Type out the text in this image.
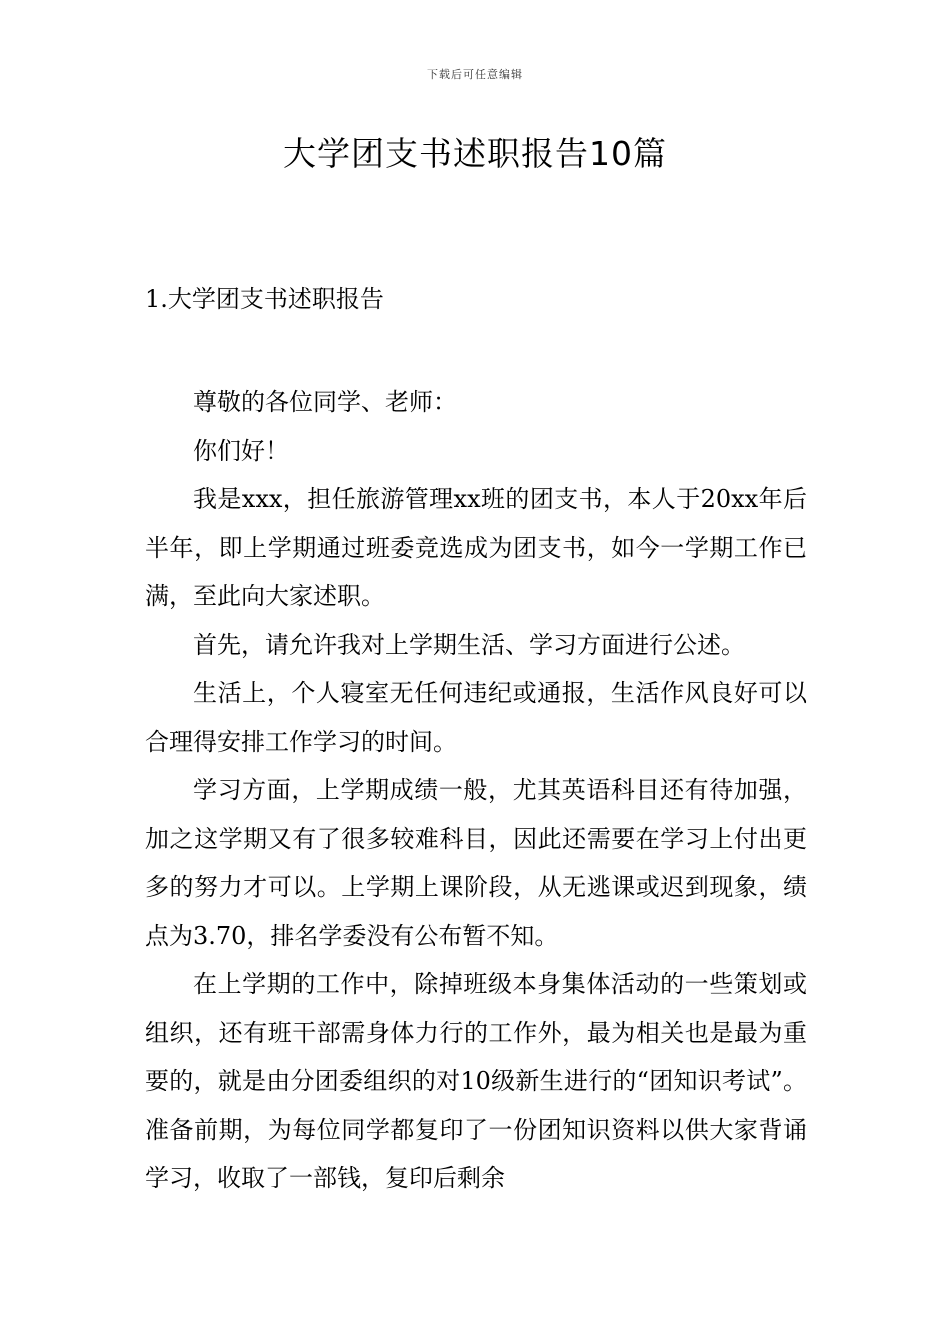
下载后可任意编辑
大学团支书述职报告10篇
1.大学团支书述职报告

尊敬的各位同学、老师：

你们好！

我是xxx，担任旅游管理xx班的团支书，本人于20xx年后半年，即上学期通过班委竞选成为团支书，如今一学期工作已满，至此向大家述职。

首先，请允许我对上学期生活、学习方面进行公述。

生活上，个人寝室无任何违纪或通报，生活作风良好可以合理得安排工作学习的时间。

学习方面，上学期成绩一般，尤其英语科目还有待加强，加之这学期又有了很多较难科目，因此还需要在学习上付出更多的努力才可以。上学期上课阶段，从无逃课或迟到现象，绩点为3.70，排名学委没有公布暂不知。

在上学期的工作中，除掉班级本身集体活动的一些策划或组织，还有班干部需身体力行的工作外，最为相关也是最为重要的，就是由分团委组织的对10级新生进行的“团知识考试”。准备前期，为每位同学都复印了一份团知识资料以供大家背诵学习，收取了一部钱，复印后剩余
